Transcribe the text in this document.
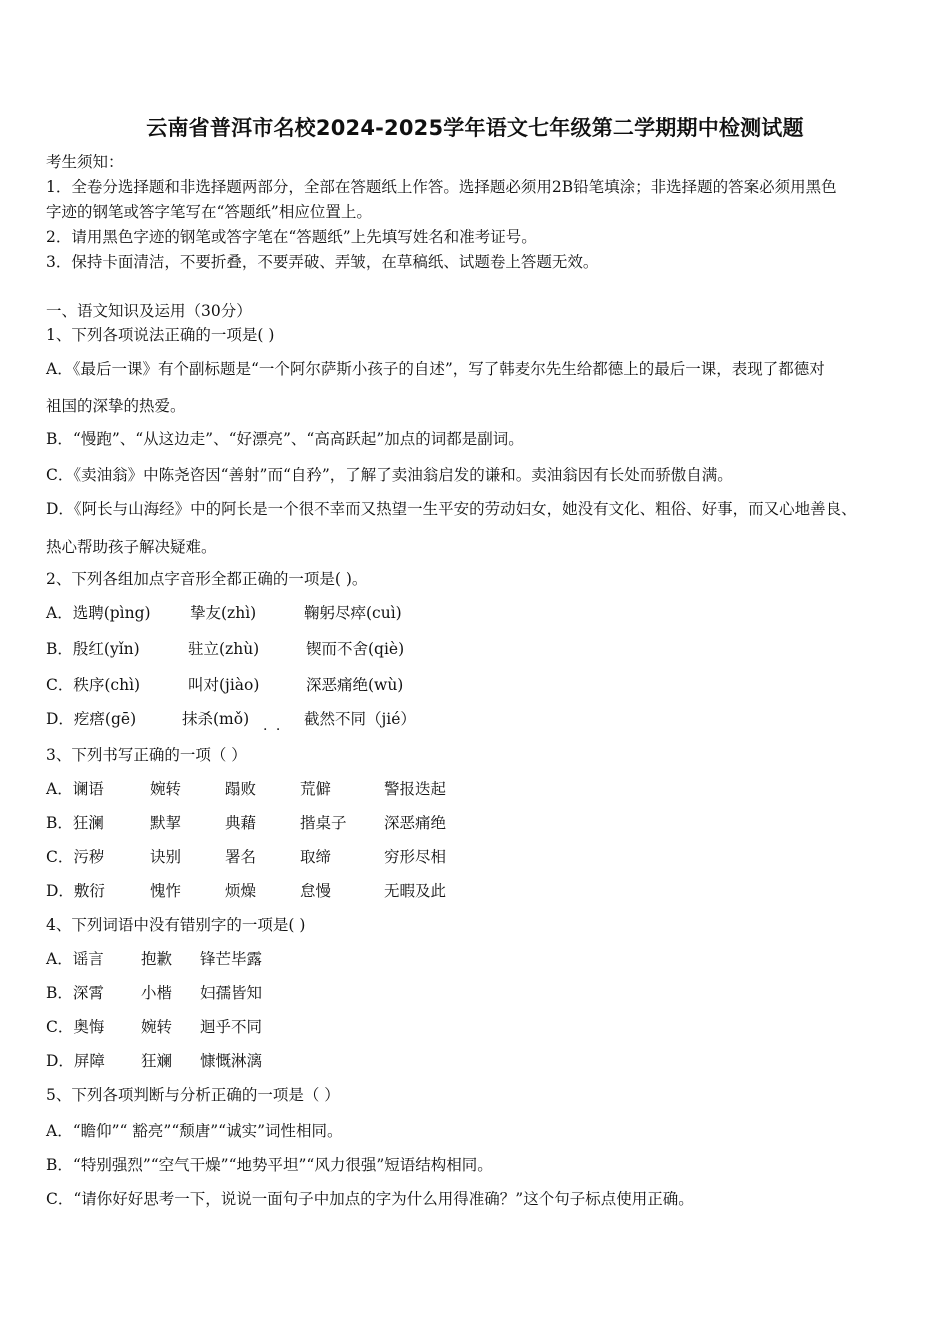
云南省普洱市名校2024-2025学年语文七年级第二学期期中检测试题
考生须知：
1．全卷分选择题和非选择题两部分，全部在答题纸上作答。选择题必须用2B铅笔填涂；非选择题的答案必须用黑色
字迹的钢笔或答字笔写在“答题纸”相应位置上。
2．请用黑色字迹的钢笔或答字笔在“答题纸”上先填写姓名和准考证号。
3．保持卡面清洁，不要折叠，不要弄破、弄皱，在草稿纸、试题卷上答题无效。
一、语文知识及运用（30分）
1、下列各项说法正确的一项是( )
A．《最后一课》有个副标题是“一个阿尔萨斯小孩子的自述”，写了韩麦尔先生给都德上的最后一课，表现了都德对
祖国的深挚的热爱。
B．“慢跑”、“从这边走”、“好漂亮”、“高高跃起”加点的词都是副词。
C．《卖油翁》中陈尧咨因“善射”而“自矜”，了解了卖油翁启发的谦和。卖油翁因有长处而骄傲自满。
D．《阿长与山海经》中的阿长是一个很不幸而又热望一生平安的劳动妇女，她没有文化、粗俗、好事，而又心地善良、
热心帮助孩子解决疑难。
2、下列各组加点字音形全都正确的一项是( )。
A．选聘(pìng)	挚友(zhì)	鞠躬尽瘁(cuì)
B．殷红(yǐn)	驻立(zhù)	锲而不舍(qiè)
C．秩序(chì)	叫对(jiào)	深恶痛绝(wù)
D．疙瘩(gē)	抹杀(mǒ)	截然不同（jié）
. .
3、下列书写正确的一项（ ）
A．谰语	婉转	蹋败	荒僻	警报迭起
B．狂澜	默挈	典藉	揩桌子 深恶痛绝
C．污秽	诀别	署名	取缔	穷形尽相
D．敷衍	愧怍	烦燥	怠慢	无暇及此
4、下列词语中没有错别字的一项是( )
A．谣言 抱歉 锋芒毕露
B．深霄 小楷 妇孺皆知
C．奥悔 婉转 迴乎不同
D．屏障 狂斓 慷慨淋漓
5、下列各项判断与分析正确的一项是（ ）
A．“瞻仰”“ 豁亮”“颓唐”“诚实”词性相同。
B．“特别强烈”“空气干燥”“地势平坦”“风力很强”短语结构相同。
C．“请你好好思考一下，说说一面句子中加点的字为什么用得准确？”这个句子标点使用正确。
